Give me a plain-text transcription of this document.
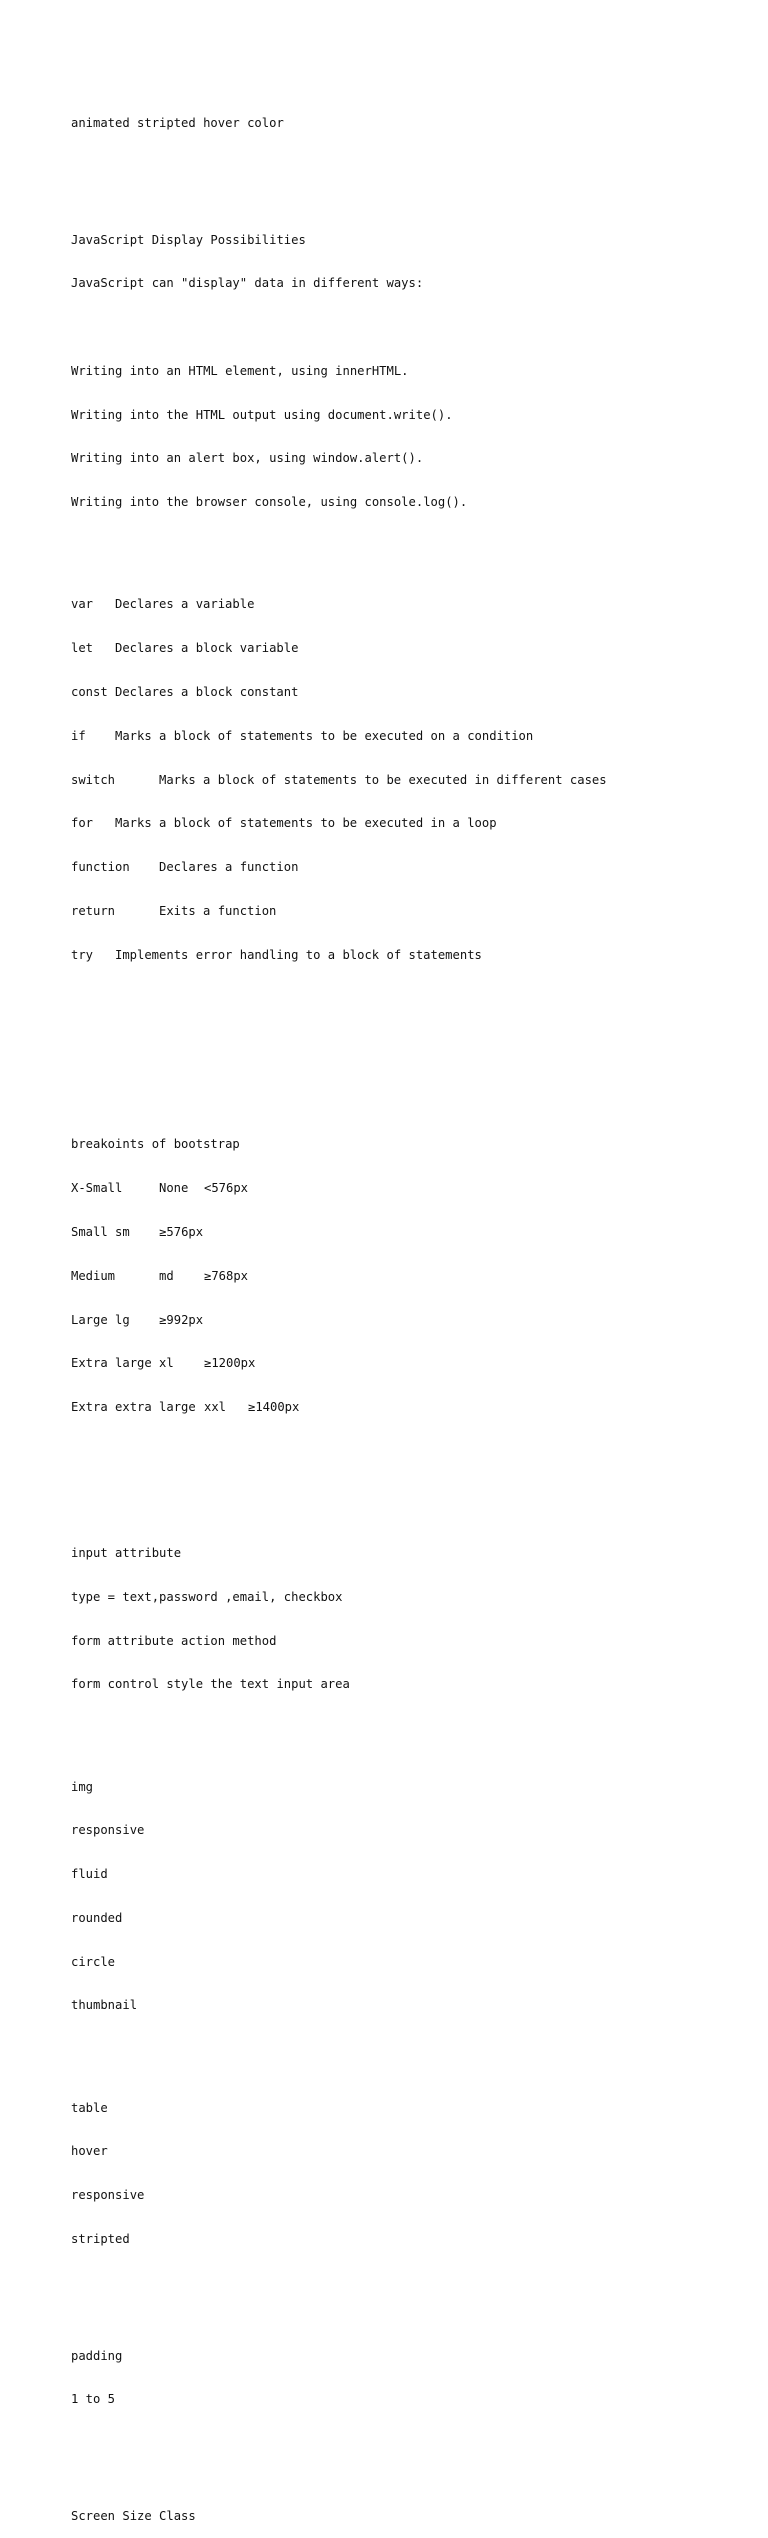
animated stripted hover color

JavaScript Display Possibilities

JavaScript can "display" data in different ways:

Writing into an HTML element, using innerHTML.

Writing into the HTML output using document.write().

Writing into an alert box, using window.alert().

Writing into the browser console, using console.log().

var Declares a variable

let Declares a block variable

const Declares a block constant

if Marks a block of statements to be executed on a condition

switch	Marks a block of statements to be executed in different cases

for Marks a block of statements to be executed in a loop

function Declares a function

return	Exits a function

try Implements error handling to a block of statements

breakoints of bootstrap

X-Small	None <576px

Small sm ≥576px

Medium	md ≥768px

Large lg ≥992px

Extra large xl ≥1200px

Extra extra large xxl ≥1400px

input attribute

type = text,password ,email, checkbox

form attribute action method

form control style the text input area

img

responsive

fluid

rounded

circle

thumbnail

table

hover

responsive

stripted

padding

1 to 5

Screen Size Class
